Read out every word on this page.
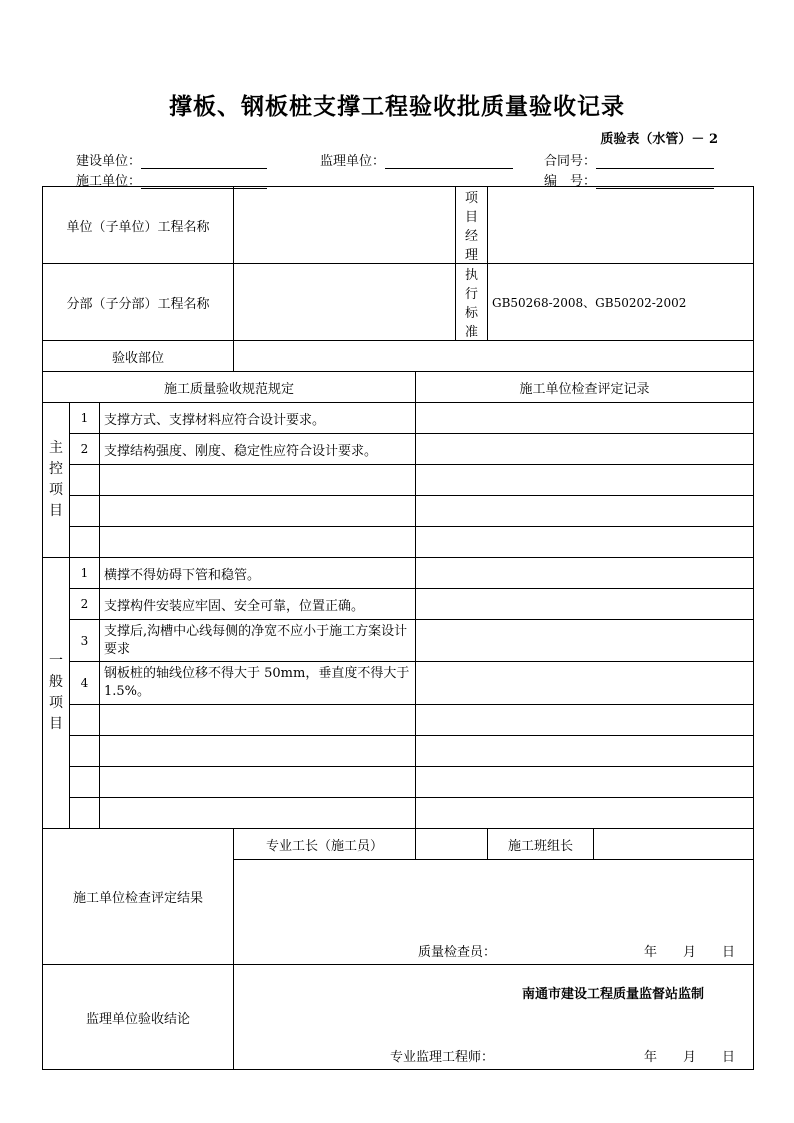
撑板、钢板桩支撑工程验收批质量验收记录
质验表（水管）－ 2
建设单位：	监理单位：	合同号：
施工单位：	编　号：
单位（子单位）工程名称					项目经理		
分部（子分部）工程名称					执行标准	GB50268-2008、GB50202-2002	
验收部位							
施工质量验收规范规定				施工单位检查评定记录			

主
控
项
目	1	支撑方式、支撑材料应符合设计要求。					
	2	支撑结构强度、刚度、稳定性应符合设计要求。					

一
般
项
目	1	横撑不得妨碍下管和稳管。					
	2	支撑构件安装应牢固、安全可靠，位置正确。					
	3	支撑后,沟槽中心线每侧的净宽不应小于施工方案设计要求					
	4	钢板桩的轴线位移不得大于 50mm，垂直度不得大于 1.5%。					

施工单位检查评定结果			专业工长（施工员）			施工班组长	

			质量检查员： 年　　月　　日				

监理单位验收结论			专业监理工程师： 年　　月　　日				
南通市建设工程质量监督站监制
